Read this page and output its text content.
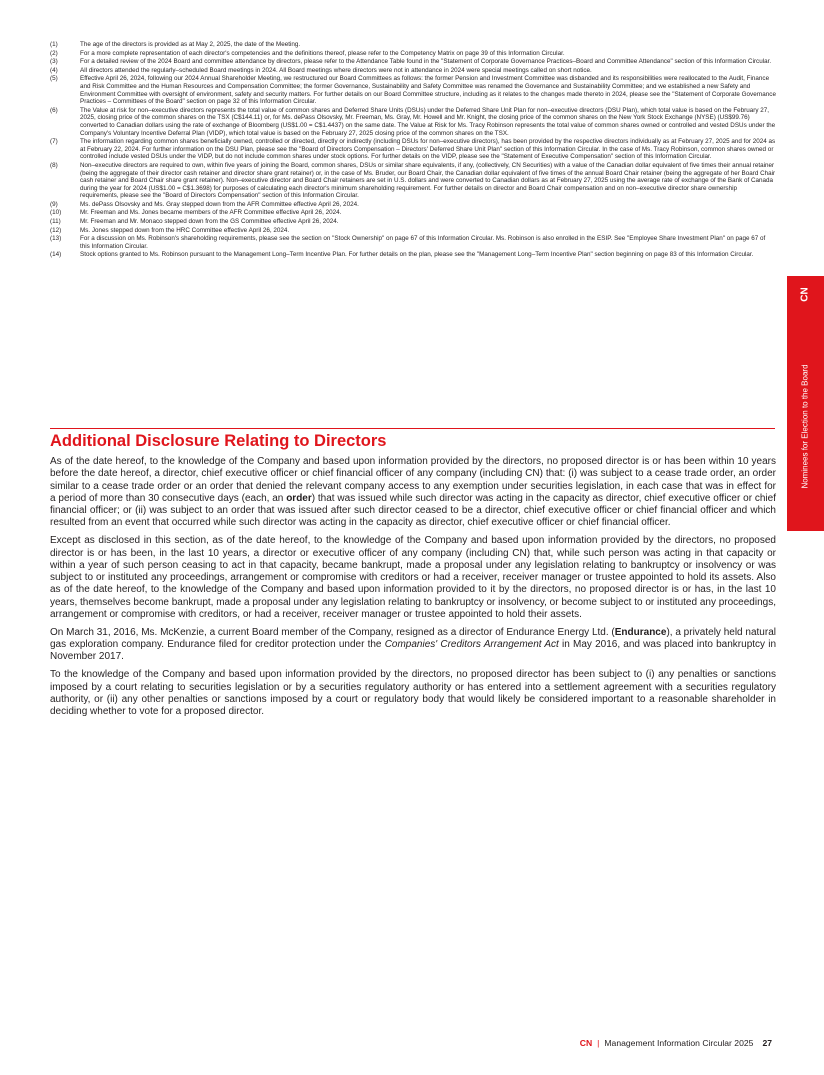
(1)	The age of the directors is provided as at May 2, 2025, the date of the Meeting.
(2)	For a more complete representation of each director's competencies and the definitions thereof, please refer to the Competency Matrix on page 39 of this Information Circular.
(3)	For a detailed review of the 2024 Board and committee attendance by directors, please refer to the Attendance Table found in the "Statement of Corporate Governance Practices–Board and Committee Attendance" section of this Information Circular.
(4)	All directors attended the regularly–scheduled Board meetings in 2024. All Board meetings where directors were not in attendance in 2024 were special meetings called on short notice.
(5)	Effective April 26, 2024, following our 2024 Annual Shareholder Meeting, we restructured our Board Committees as follows: the former Pension and Investment Committee was disbanded and its responsibilities were reallocated to the Audit, Finance and Risk Committee and the Human Resources and Compensation Committee; the former Governance, Sustainability and Safety Committee was renamed the Governance and Sustainability Committee; and we established a new Safety and Environment Committee with oversight of environment, safety and security matters. For further details on our Board Committee structure, including as it relates to the changes made thereto in 2024, please see the "Statement of Corporate Governance Practices – Committees of the Board" section on page 32 of this Information Circular.
(6)	The Value at risk for non–executive directors represents the total value of common shares and Deferred Share Units (DSUs) under the Deferred Share Unit Plan for non–executive directors (DSU Plan), which total value is based on the February 27, 2025, closing price of the common shares on the TSX (C$144.11) or, for Ms. dePass Olsovsky, Mr. Freeman, Ms. Gray, Mr. Howell and Mr. Knight, the closing price of the common shares on the New York Stock Exchange (NYSE) (US$99.76) converted to Canadian dollars using the rate of exchange of Bloomberg (US$1.00 = C$1.4437) on the same date. The Value at Risk for Ms. Tracy Robinson represents the total value of common shares owned or controlled and vested DSUs under the Company's Voluntary Incentive Deferral Plan (VIDP), which total value is based on the February 27, 2025 closing price of the common shares on the TSX.
(7)	The information regarding common shares beneficially owned, controlled or directed, directly or indirectly (including DSUs for non–executive directors), has been provided by the respective directors individually as at February 27, 2025 and for 2024 as at February 22, 2024. For further information on the DSU Plan, please see the "Board of Directors Compensation – Directors' Deferred Share Unit Plan" section of this Information Circular. In the case of Ms. Tracy Robinson, common shares owned or controlled include vested DSUs under the VIDP, but do not include common shares under stock options. For further details on the VIDP, please see the "Statement of Executive Compensation" section of this Information Circular.
(8)	Non–executive directors are required to own, within five years of joining the Board, common shares, DSUs or similar share equivalents, if any, (collectively, CN Securities) with a value of the Canadian dollar equivalent of five times their annual retainer (being the aggregate of their director cash retainer and director share grant retainer) or, in the case of Ms. Bruder, our Board Chair, the Canadian dollar equivalent of five times of the annual Board Chair retainer (being the aggregate of her Board Chair cash retainer and Board Chair share grant retainer). Non–executive director and Board Chair retainers are set in U.S. dollars and were converted to Canadian dollars as at February 27, 2025 using the average rate of exchange of the Bank of Canada during the year for 2024 (US$1.00 = C$1.3698) for purposes of calculating each director's minimum shareholding requirement. For further details on director and Board Chair compensation and on non–executive director share ownership requirements, please see the "Board of Directors Compensation" section of this Information Circular.
(9)	Ms. dePass Olsovsky and Ms. Gray stepped down from the AFR Committee effective April 26, 2024.
(10)	Mr. Freeman and Ms. Jones became members of the AFR Committee effective April 26, 2024.
(11)	Mr. Freeman and Mr. Monaco stepped down from the GS Committee effective April 26, 2024.
(12)	Ms. Jones stepped down from the HRC Committee effective April 26, 2024.
(13)	For a discussion on Ms. Robinson's shareholding requirements, please see the section on "Stock Ownership" on page 67 of this Information Circular. Ms. Robinson is also enrolled in the ESIP. See "Employee Share Investment Plan" on page 67 of this Information Circular.
(14)	Stock options granted to Ms. Robinson pursuant to the Management Long–Term Incentive Plan. For further details on the plan, please see the "Management Long–Term Incentive Plan" section beginning on page 83 of this Information Circular.
Additional Disclosure Relating to Directors

As of the date hereof, to the knowledge of the Company and based upon information provided by the directors, no proposed director is or has been within 10 years before the date hereof, a director, chief executive officer or chief financial officer of any company (including CN) that: (i) was subject to a cease trade order, an order similar to a cease trade order or an order that denied the relevant company access to any exemption under securities legislation, in each case that was in effect for a period of more than 30 consecutive days (each, an order) that was issued while such director was acting in the capacity as director, chief executive officer or chief financial officer; or (ii) was subject to an order that was issued after such director ceased to be a director, chief executive officer or chief financial officer and which resulted from an event that occurred while such director was acting in the capacity as director, chief executive officer or chief financial officer.

Except as disclosed in this section, as of the date hereof, to the knowledge of the Company and based upon information provided by the directors, no proposed director is or has been, in the last 10 years, a director or executive officer of any company (including CN) that, while such person was acting in that capacity or within a year of such person ceasing to act in that capacity, became bankrupt, made a proposal under any legislation relating to bankruptcy or insolvency or was subject to or instituted any proceedings, arrangement or compromise with creditors or had a receiver, receiver manager or trustee appointed to hold its assets. Also as of the date hereof, to the knowledge of the Company and based upon information provided to it by the directors, no proposed director is or has, in the last 10 years, themselves become bankrupt, made a proposal under any legislation relating to bankruptcy or insolvency, or become subject to or instituted any proceedings, arrangement or compromise with creditors, or had a receiver, receiver manager or trustee appointed to hold their assets.

On March 31, 2016, Ms. McKenzie, a current Board member of the Company, resigned as a director of Endurance Energy Ltd. (Endurance), a privately held natural gas exploration company. Endurance filed for creditor protection under the Companies' Creditors Arrangement Act in May 2016, and was placed into bankruptcy in November 2017.

To the knowledge of the Company and based upon information provided by the directors, no proposed director has been subject to (i) any penalties or sanctions imposed by a court relating to securities legislation or by a securities regulatory authority or has entered into a settlement agreement with a securities regulatory authority, or (ii) any other penalties or sanctions imposed by a court or regulatory body that would likely be considered important to a reasonable shareholder in deciding whether to vote for a proposed director.

CN
Nominees for Election to the Board
CN | Management Information Circular 2025 27
